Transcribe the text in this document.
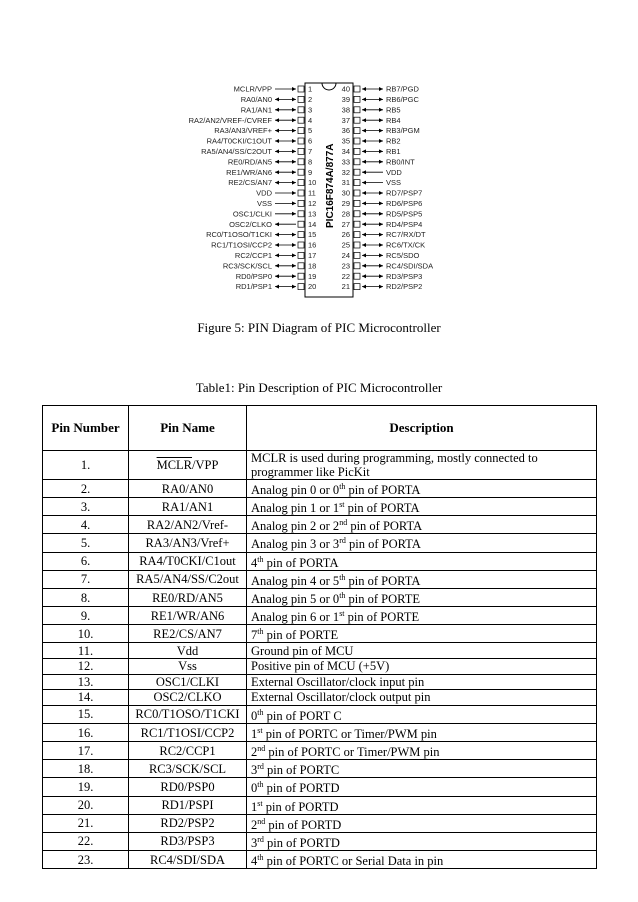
PIC16F874A/877A
MCLR/VPP	1
RA0/AN0	2
RA1/AN1	3
RA2/AN2/VREF-/CVREF	4
RA3/AN3/VREF+	5
RA4/T0CKI/C1OUT	6
RA5/AN4/SS/C2OUT	7
RE0/RD/AN5	8
RE1/WR/AN6	9
RE2/CS/AN7	10
VDD	11
VSS	12
OSC1/CLKI	13
OSC2/CLKO	14
RC0/T1OSO/T1CKI	15
RC1/T1OSI/CCP2	16
RC2/CCP1	17
RC3/SCK/SCL	18
RD0/PSP0	19
RD1/PSP1	20
RB7/PGD
40
RB6/PGC
39
RB5
38
RB4
37
RB3/PGM
36
RB2
35
RB1
34
RB0/INT
33
VDD
32
VSS
31
RD7/PSP7
30
RD6/PSP6
29
RD5/PSP5
28
RD4/PSP4
27
RC7/RX/DT
26
RC6/TX/CK
25
RC5/SDO
24
RC4/SDI/SDA
23
RD3/PSP3
22
RD2/PSP2
21
Figure 5: PIN Diagram of PIC Microcontroller
Table1: Pin Description of PIC Microcontroller
Pin Number	Pin Name	Description
1.	MCLR/VPP	MCLR is used during programming, mostly connected to programmer like PicKit
2.	RA0/AN0	Analog pin 0 or 0th pin of PORTA
3.	RA1/AN1	Analog pin 1 or 1st pin of PORTA
4.	RA2/AN2/Vref-	Analog pin 2 or 2nd pin of PORTA
5.	RA3/AN3/Vref+	Analog pin 3 or 3rd pin of PORTA
6.	RA4/T0CKI/C1out	4th pin of PORTA
7.	RA5/AN4/SS/C2out	Analog pin 4 or 5th pin of PORTA
8.	RE0/RD/AN5	Analog pin 5 or 0th pin of PORTE
9.	RE1/WR/AN6	Analog pin 6 or 1st pin of PORTE
10.	RE2/CS/AN7	7th pin of PORTE
11.	Vdd	Ground pin of MCU
12.	Vss	Positive pin of MCU (+5V)
13.	OSC1/CLKI	External Oscillator/clock input pin
14.	OSC2/CLKO	External Oscillator/clock output pin
15.	RC0/T1OSO/T1CKI	0th pin of PORT C
16.	RC1/T1OSI/CCP2	1st pin of PORTC or Timer/PWM pin
17.	RC2/CCP1	2nd pin of PORTC or Timer/PWM pin
18.	RC3/SCK/SCL	3rd pin of PORTC
19.	RD0/PSP0	0th pin of PORTD
20.	RD1/PSPI	1st pin of PORTD
21.	RD2/PSP2	2nd pin of PORTD
22.	RD3/PSP3	3rd pin of PORTD
23.	RC4/SDI/SDA	4th pin of PORTC or Serial Data in pin
